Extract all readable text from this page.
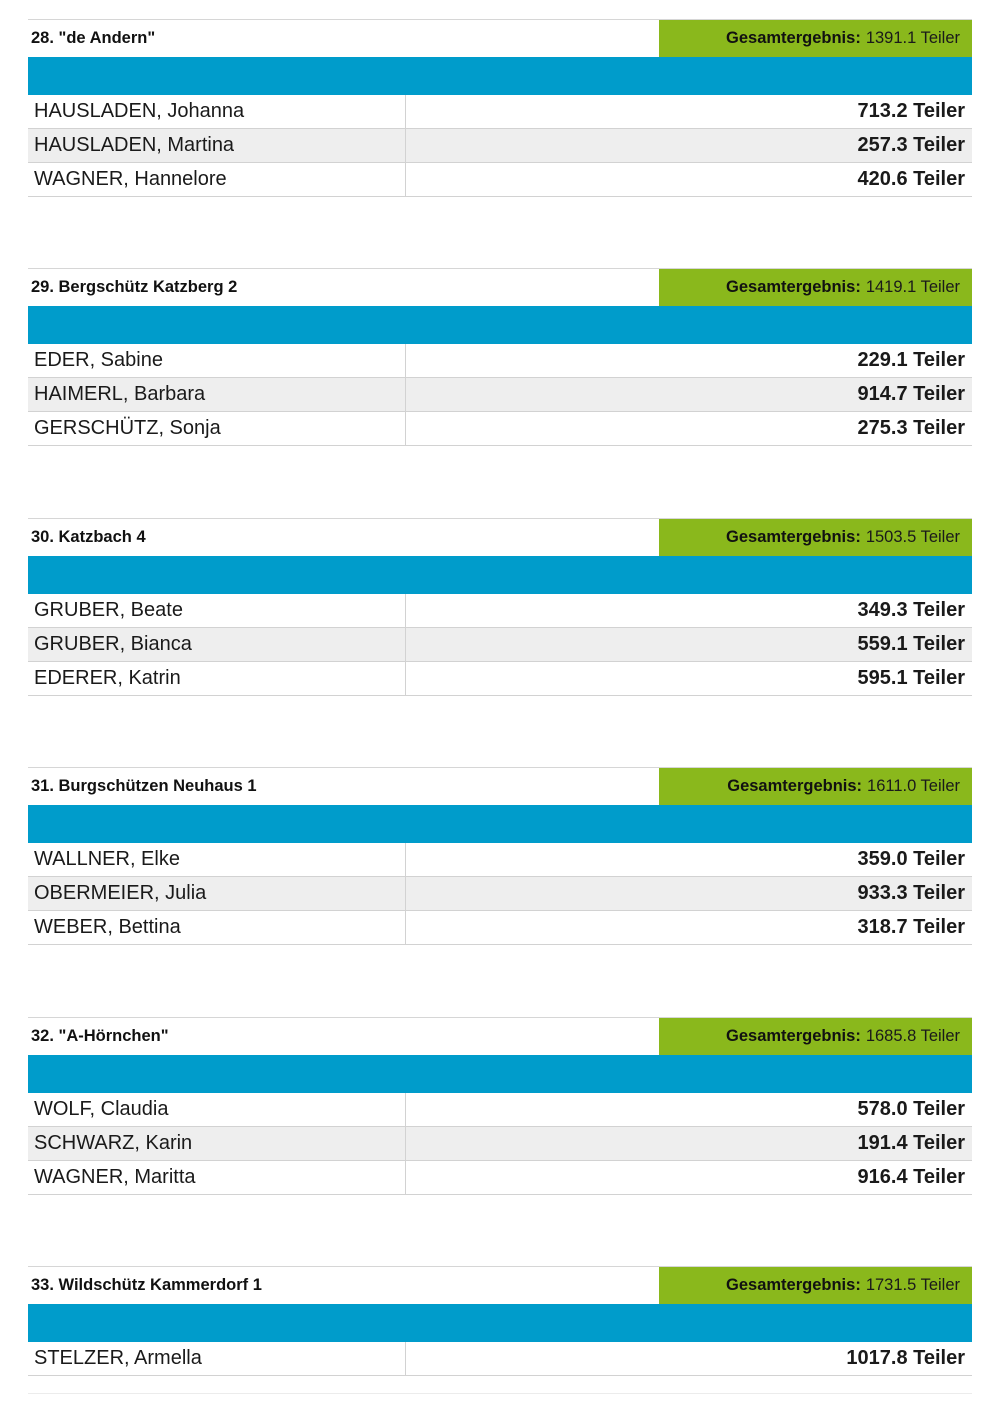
28. "de Andern"	Gesamtergebnis: 1391.1 Teiler
HAUSLADEN, Johanna	713.2 Teiler
HAUSLADEN, Martina	257.3 Teiler
WAGNER, Hannelore	420.6 Teiler
29. Bergschütz Katzberg 2	Gesamtergebnis: 1419.1 Teiler
EDER, Sabine	229.1 Teiler
HAIMERL, Barbara	914.7 Teiler
GERSCHÜTZ, Sonja	275.3 Teiler
30. Katzbach 4	Gesamtergebnis: 1503.5 Teiler
GRUBER, Beate	349.3 Teiler
GRUBER, Bianca	559.1 Teiler
EDERER, Katrin	595.1 Teiler
31. Burgschützen Neuhaus 1	Gesamtergebnis: 1611.0 Teiler
WALLNER, Elke	359.0 Teiler
OBERMEIER, Julia	933.3 Teiler
WEBER, Bettina	318.7 Teiler
32. "A-Hörnchen"	Gesamtergebnis: 1685.8 Teiler
WOLF, Claudia	578.0 Teiler
SCHWARZ, Karin	191.4 Teiler
WAGNER, Maritta	916.4 Teiler
33. Wildschütz Kammerdorf 1	Gesamtergebnis: 1731.5 Teiler
STELZER, Armella	1017.8 Teiler
